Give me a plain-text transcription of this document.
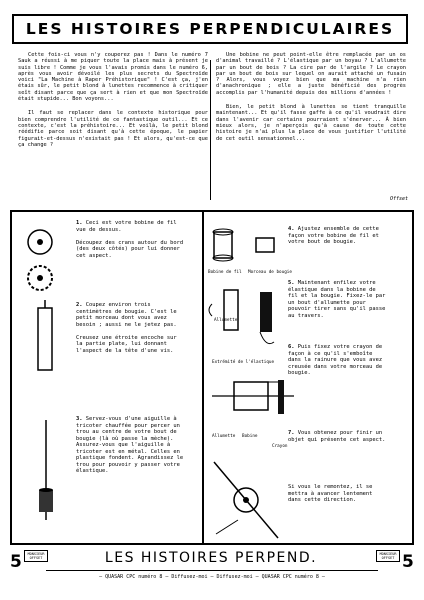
LES HISTOIRES PERPENDICULAIRES

Cette fois-ci vous n'y couperez pas ! Dans le numéro 7 Sauk a réussi à me piquer toute la place mais à présent je suis libre ! Comme je vous l'avais promis dans le numéro 6, après vous avoir dévoilé les plus secrets du Spectroïde voici "La Machine à Raper Préhistorique" ! C'est ça, j'en étais sûr, le petit blond à lunettes recommence à critiquer seît disant parce que ça sert à rien et que mon Spectroïde était stupide... Bon voyons...

Il faut se replacer dans le contexte historique pour bien comprendre l'utilité de ce fantastique outil... Et ce contexte, c'est la préhistoire... Et voilà, le petit blond réédifie parce soit disant qu'à cette époque, le papier figurait-et-dessus n'existait pas ! Et alors, qu'est-ce que ça change ?

Une bobine ne peut point-elle être remplacée par un os d'animal travaillé ? L'élastique par un boyau ? L'allumette par un bout de bois ? La cire par de l'argile ? Le crayon par un bout de bois sur lequel on aurait attaché un fusain ? Alors, vous voyez bien que ma machine n'a rien d'anachronique ; elle a juste bénéficié des progrès accomplis par l'humanité depuis des millions d'années !

Bien, le petit blond à lunettes se tient tranquille maintenant... Et qu'il fasse gaffe à ce qu'il voudrait dire dans l'avenir car certains pourraient s'énerver... À bien mieux alors, je n'aperçois qu'à cause de toute cette histoire je n'ai plus la place de vous justifier l'utilité de cet outil sensationnel...

Offset
1. Ceci est votre bobine de fil vue de dessus.

Découpez des crans autour du bord (des deux côtés) pour lui donner cet aspect.
2. Coupez environ trois centimètres de bougie. C'est le petit morceau dont vous avez besoin ; aussi ne le jetez pas.

Creusez une étroite encoche sur la partie plate, lui donnant l'aspect de la tête d'une vis.
3. Servez-vous d'une aiguille à tricoter chauffée pour percer un trou au centre de votre bout de bougie (là où passe la mèche). Assurez-vous que l'aiguille à tricoter est en métal. Celles en plastique fondent. Agrandissez le trou pour pouvoir y passer votre élastique.
Bobine de fil Morceau de bougie
Allumette
Extrémité de l'élastique
Allumette Bobine
Crayon
4. Ajustez ensemble de cette façon votre bobine de fil et votre bout de bougie.
5. Maintenant enfilez votre élastique dans la bobine de fil et la bougie. Fixez-le par un bout d'allumette pour pouvoir tirer sans qu'il passe au travers.
6. Puis fixez votre crayon de façon à ce qu'il s'emboîte dans la rainure que vous avez creusée dans votre morceau de bougie.
7. Vous obtenez pour finir un objet qui présente cet aspect.
Si vous le remontez, il se mettra à avancer lentement dans cette direction.
5	MONSIEUR OFFSET	LES HISTOIRES PERPEND.	MONSIEUR OFFSET 5
— QUASAR CPC numéro 8 — Diffusez-moi — Diffusez-moi — QUASAR CPC numéro 8 —
